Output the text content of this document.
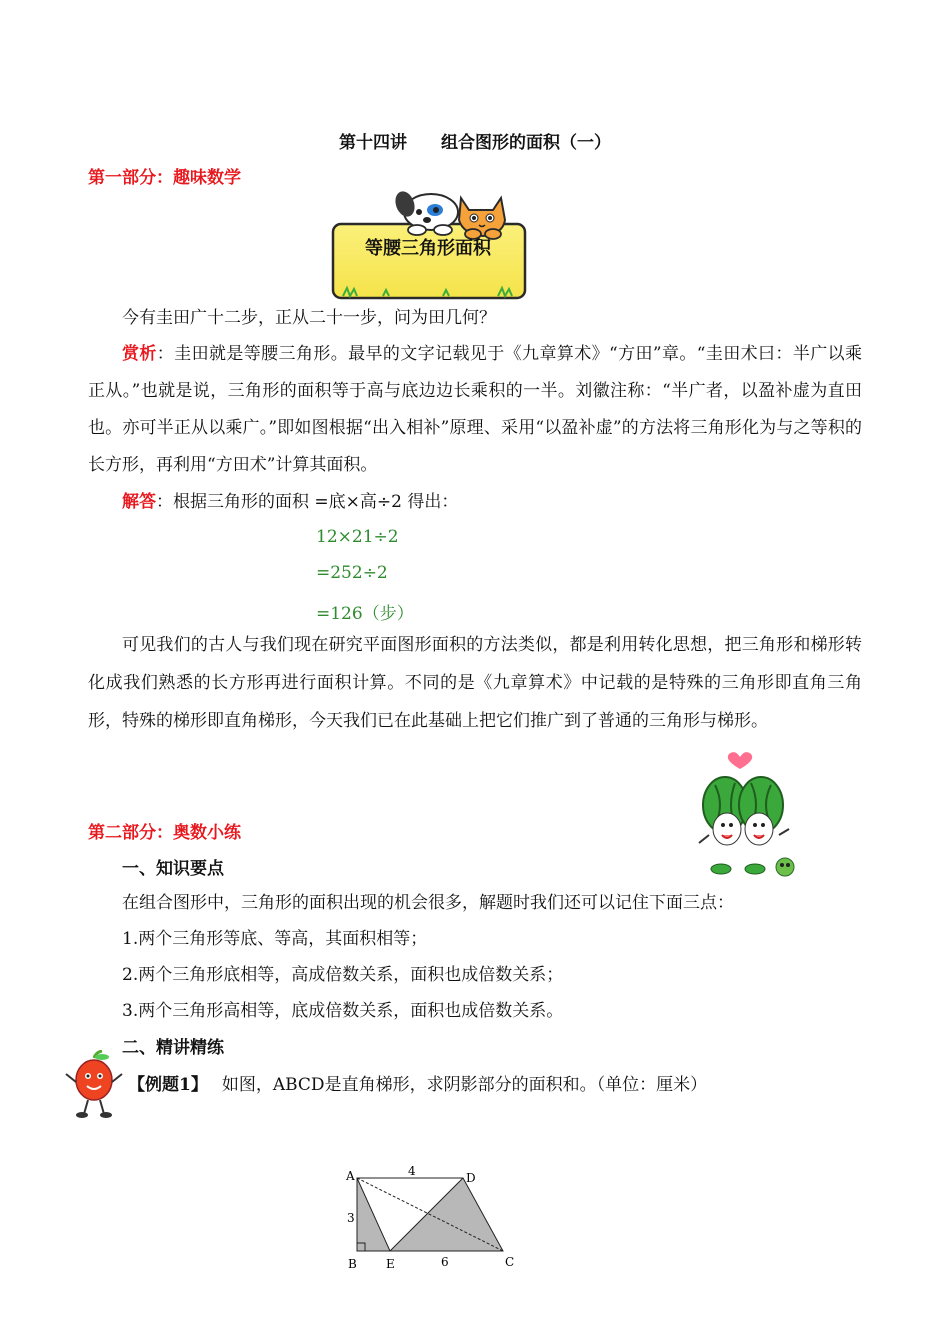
第十四讲 组合图形的面积（一）
第一部分：趣味数学
等腰三角形面积
今有圭田广十二步，正从二十一步，问为田几何？
赏析：圭田就是等腰三角形。最早的文字记载见于《九章算术》“方田”章。“圭田术曰：半广以乘正从。”也就是说，三角形的面积等于高与底边边长乘积的一半。刘徽注称：“半广者，以盈补虚为直田也。亦可半正从以乘广。”即如图根据“出入相补”原理、采用“以盈补虚”的方法将三角形化为与之等积的长方形，再利用“方田术”计算其面积。
解答：根据三角形的面积 =底×高÷2 得出：
12×21÷2
=252÷2
=126（步）
可见我们的古人与我们现在研究平面图形面积的方法类似，都是利用转化思想，把三角形和梯形转化成我们熟悉的长方形再进行面积计算。不同的是《九章算术》中记载的是特殊的三角形即直角三角形，特殊的梯形即直角梯形，今天我们已在此基础上把它们推广到了普通的三角形与梯形。
第二部分：奥数小练
一、知识要点
在组合图形中，三角形的面积出现的机会很多，解题时我们还可以记住下面三点：
1.两个三角形等底、等高，其面积相等；
2.两个三角形底相等，高成倍数关系，面积也成倍数关系；
3.两个三角形高相等，底成倍数关系，面积也成倍数关系。
二、精讲精练
【例题1】 如图，ABCD是直角梯形，求阴影部分的面积和。（单位：厘米）
A	D
B E	C
4
3
6
